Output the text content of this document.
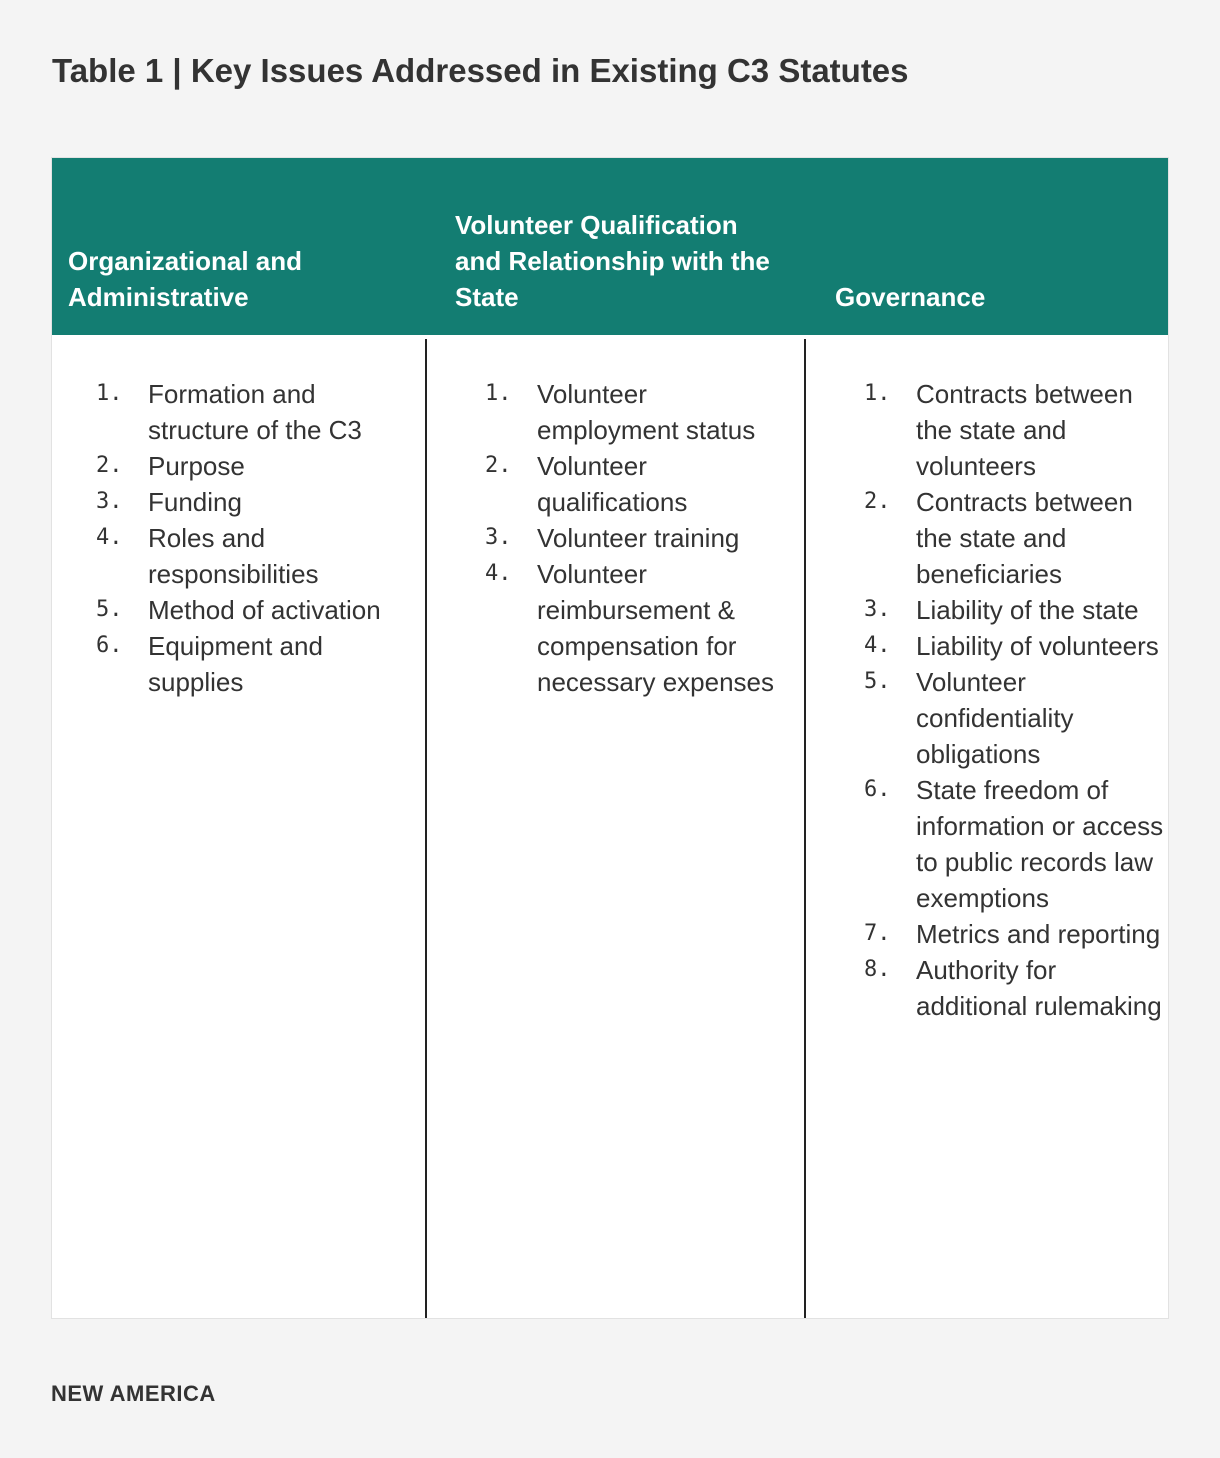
Table 1 | Key Issues Addressed in Existing C3 Statutes
Organizational and Administrative
Volunteer Qualification and Relationship with the State	Governance
1. Formation and structure of the C3
2. Purpose
3. Funding
4. Roles and responsibilities
5. Method of activation
6. Equipment and supplies
1. Volunteer employment status
2. Volunteer qualifications
3. Volunteer training
4. Volunteer reimbursement & compensation for necessary expenses
1. Contracts between the state and volunteers
2. Contracts between the state and beneficiaries
3. Liability of the state
4. Liability of volunteers
5. Volunteer confidentiality obligations
6. State freedom of information or access to public records law exemptions
7. Metrics and reporting
8. Authority for additional rulemaking
NEW AMERICA
